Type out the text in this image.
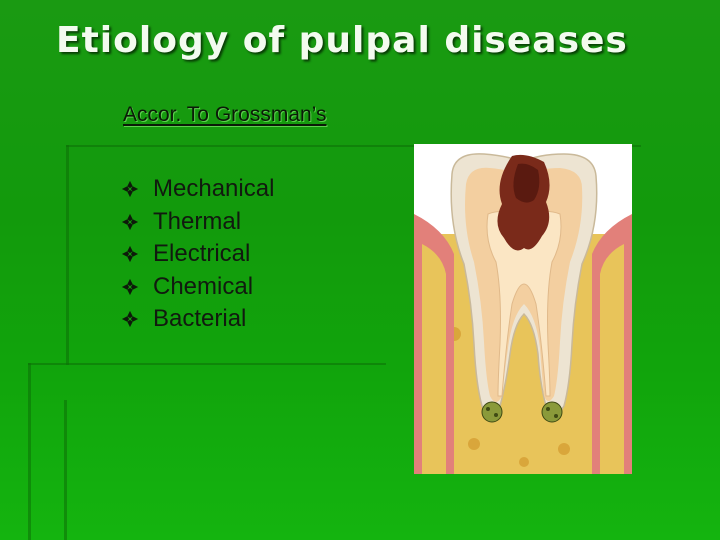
Etiology of pulpal diseases

Accor. To Grossman’s

Mechanical
Thermal
Electrical
Chemical
Bacterial
